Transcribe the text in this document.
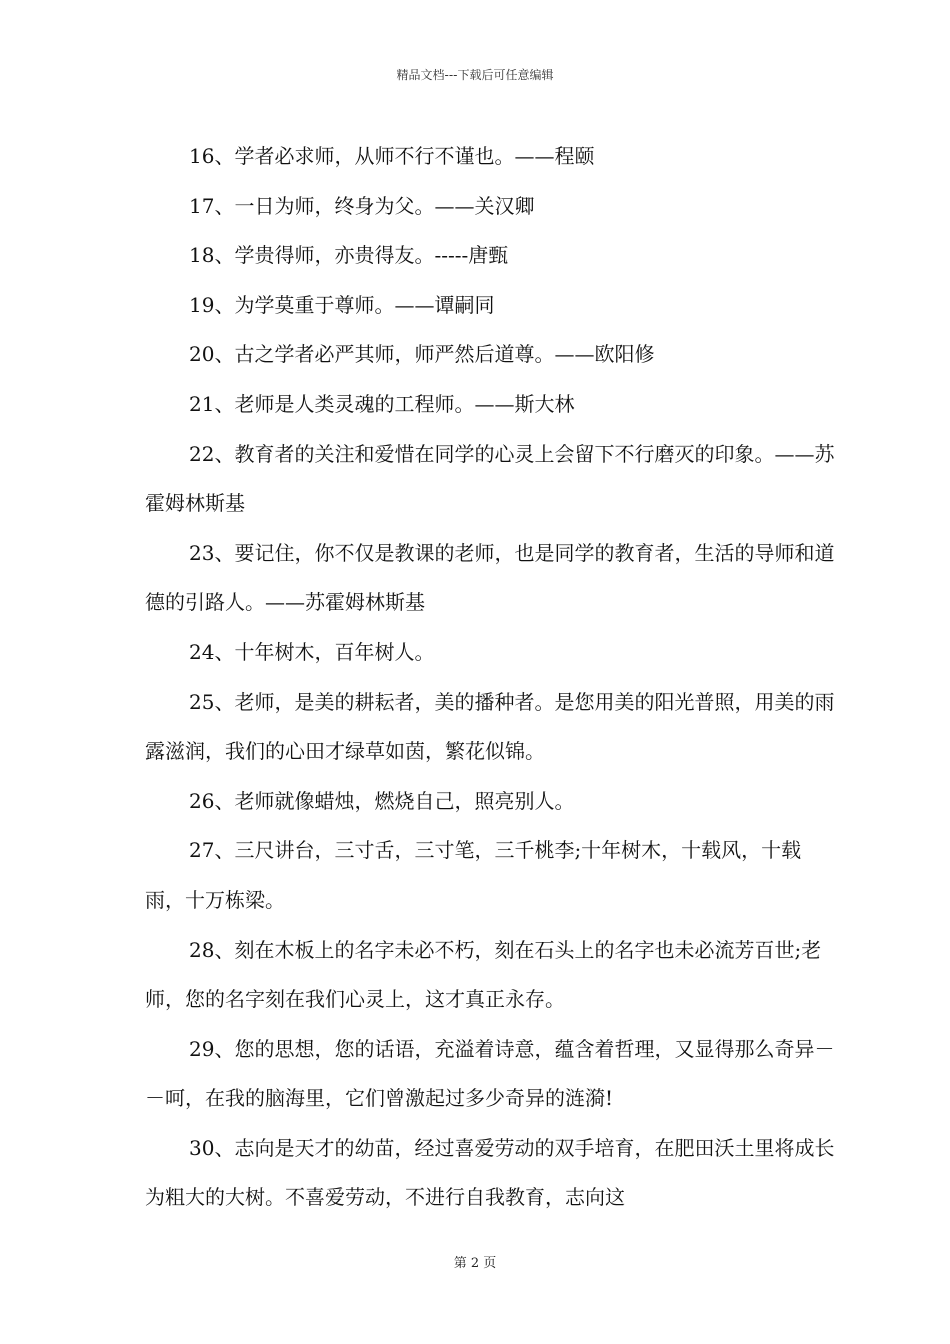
精品文档---下载后可任意编辑

16、学者必求师，从师不行不谨也。——程颐

17、一日为师，终身为父。——关汉卿

18、学贵得师，亦贵得友。-----唐甄

19、为学莫重于尊师。——谭嗣同

20、古之学者必严其师，师严然后道尊。——欧阳修

21、老师是人类灵魂的工程师。——斯大林

22、教育者的关注和爱惜在同学的心灵上会留下不行磨灭的印象。——苏霍姆林斯基

23、要记住，你不仅是教课的老师，也是同学的教育者，生活的导师和道德的引路人。——苏霍姆林斯基

24、十年树木，百年树人。

25、老师，是美的耕耘者，美的播种者。是您用美的阳光普照，用美的雨露滋润，我们的心田才绿草如茵，繁花似锦。

26、老师就像蜡烛，燃烧自己，照亮别人。

27、三尺讲台，三寸舌，三寸笔，三千桃李;十年树木，十载风，十载雨，十万栋梁。

28、刻在木板上的名字未必不朽，刻在石头上的名字也未必流芳百世;老师，您的名字刻在我们心灵上，这才真正永存。

29、您的思想，您的话语，充溢着诗意，蕴含着哲理，又显得那么奇异－－呵，在我的脑海里，它们曾激起过多少奇异的涟漪!

30、志向是天才的幼苗，经过喜爱劳动的双手培育，在肥田沃土里将成长为粗大的大树。不喜爱劳动，不进行自我教育，志向这

第 2 页
